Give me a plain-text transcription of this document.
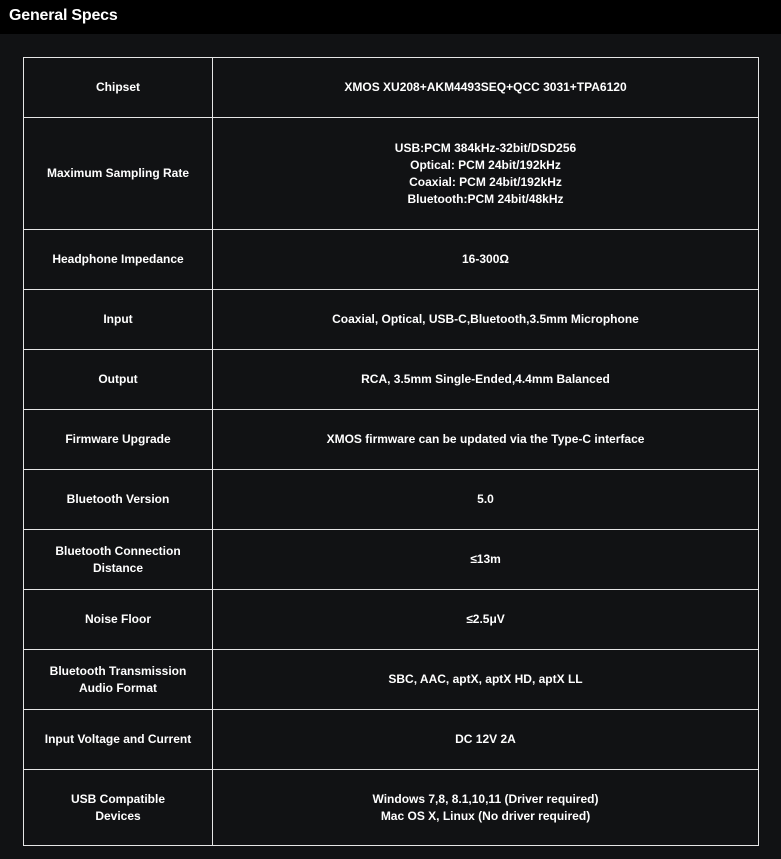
General Specs
Chipset	XMOS XU208+AKM4493SEQ+QCC 3031+TPA6120

Maximum Sampling Rate	USB:PCM 384kHz-32bit/DSD256
Optical: PCM 24bit/192kHz
Coaxial: PCM 24bit/192kHz
Bluetooth:PCM 24bit/48kHz

Headphone Impedance	16-300Ω

Input	Coaxial, Optical, USB-C,Bluetooth,3.5mm Microphone

Output	RCA, 3.5mm Single-Ended,4.4mm Balanced

Firmware Upgrade	XMOS firmware can be updated via the Type-C interface

Bluetooth Version	5.0

Bluetooth Connection
Distance	≤13m

Noise Floor	≤2.5μV

Bluetooth Transmission
Audio Format	SBC, AAC, aptX, aptX HD, aptX LL

Input Voltage and Current	DC 12V 2A

USB Compatible
Devices	Windows 7,8, 8.1,10,11 (Driver required)
Mac OS X, Linux (No driver required)
